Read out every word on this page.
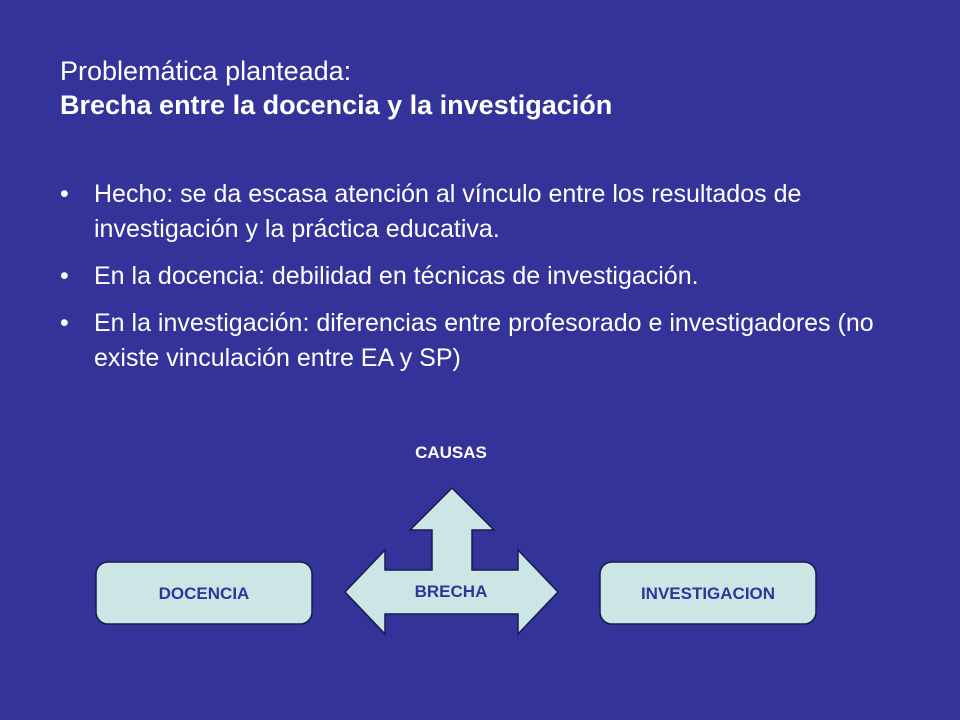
Problemática planteada:
Brecha entre la docencia y la investigación
• Hecho: se da escasa atención al vínculo entre los resultados de investigación y la práctica educativa.
• En la docencia: debilidad en técnicas de investigación.
• En la investigación: diferencias entre profesorado e investigadores (no existe vinculación entre EA y SP)
CAUSAS
DOCENCIA	INVESTIGACION
BRECHA
